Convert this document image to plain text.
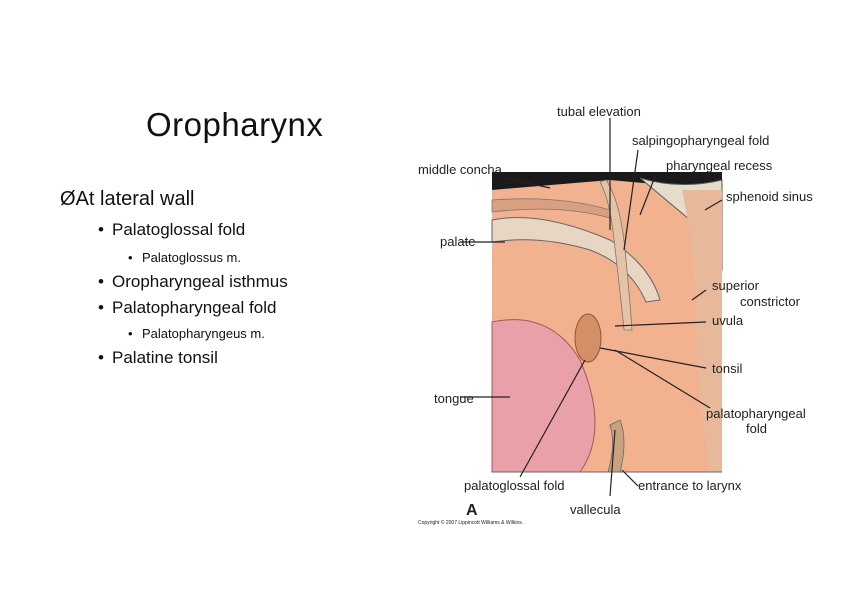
Oropharynx
ØAt lateral wall
• Palatoglossal fold
• Palatoglossus m.
• Oropharyngeal isthmus
• Palatopharyngeal fold
• Palatopharyngeus m.
• Palatine tonsil
tubal elevation
salpingopharyngeal fold
middle concha	pharyngeal recess
sphenoid sinus
palate
superior
constrictor
uvula
tonsil
tongue
palatopharyngeal
fold
palatoglossal fold	entrance to larynx
vallecula
A
Copyright © 2007 Lippincott Williams & Wilkins.
